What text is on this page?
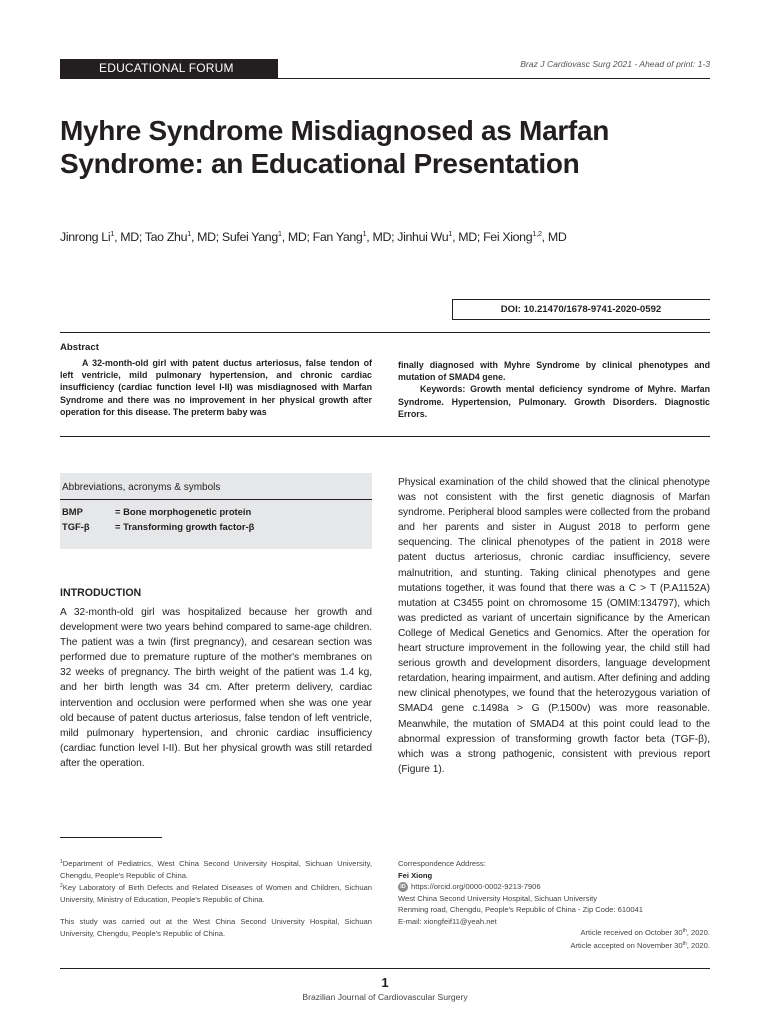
EDUCATIONAL FORUM	Braz J Cardiovasc Surg 2021 - Ahead of print: 1-3
Myhre Syndrome Misdiagnosed as Marfan
Syndrome: an Educational Presentation
Jinrong Li$^1$, MD; Tao Zhu$^1$, MD; Sufei Yang$^1$, MD; Fan Yang$^1$, MD; Jinhui Wu$^1$, MD; Fei Xiong$^{1,2}$, MD
DOI: 10.21470/1678-9741-2020-0592
Abstract
A 32-month-old girl with patent ductus arteriosus, false tendon of left ventricle, mild pulmonary hypertension, and chronic cardiac insufficiency (cardiac function level I-II) was misdiagnosed with Marfan Syndrome and there was no improvement in her physical growth after operation for this disease. The preterm baby was

finally diagnosed with Myhre Syndrome by clinical phenotypes and mutation of SMAD4 gene.

Keywords: Growth mental deficiency syndrome of Myhre. Marfan Syndrome. Hypertension, Pulmonary. Growth Disorders. Diagnostic Errors.

Abbreviations, acronyms & symbols
BMP	= Bone morphogenetic protein
TGF-β	= Transforming growth factor-β
INTRODUCTION
A 32-month-old girl was hospitalized because her growth and development were two years behind compared to same-age children. The patient was a twin (first pregnancy), and cesarean section was performed due to premature rupture of the mother's membranes on 32 weeks of pregnancy. The birth weight of the patient was 1.4 kg, and her birth length was 34 cm. After preterm delivery, cardiac intervention and occlusion were performed when she was one year old because of patent ductus arteriosus, false tendon of left ventricle, mild pulmonary hypertension, and chronic cardiac insufficiency (cardiac function level I-II). But her physical growth was still retarded after the operation.
Physical examination of the child showed that the clinical phenotype was not consistent with the first genetic diagnosis of Marfan syndrome. Peripheral blood samples were collected from the proband and her parents and sister in August 2018 to perform gene sequencing. The clinical phenotypes of the patient in 2018 were patent ductus arteriosus, chronic cardiac insufficiency, severe malnutrition, and stunting. Taking clinical phenotypes and gene mutations together, it was found that there was a C > T (P.A1152A) mutation at C3455 point on chromosome 15 (OMIM:134797), which was predicted as variant of uncertain significance by the American College of Medical Genetics and Genomics. After the operation for heart structure improvement in the following year, the child still had serious growth and development disorders, language development retardation, hearing impairment, and autism. After defining and adding new clinical phenotypes, we found that the heterozygous variation of SMAD4 gene c.1498a > G (P.1500v) was more reasonable. Meanwhile, the mutation of SMAD4 at this point could lead to the abnormal expression of transforming growth factor beta (TGF-β), which was a strong pathogenic, consistent with previous report (Figure 1).
$^1$Department of Pediatrics, West China Second University Hospital, Sichuan University, Chengdu, People's Republic of China.
$^2$Key Laboratory of Birth Defects and Related Diseases of Women and Children, Sichuan University, Ministry of Education, People's Republic of China.
This study was carried out at the West China Second University Hospital, Sichuan University, Chengdu, People's Republic of China.
Correspondence Address:
Fei Xiong
iD https://orcid.org/0000-0002-9213-7906
West China Second University Hospital, Sichuan University
Renming road, Chengdu, People's Republic of China - Zip Code: 610041
E-mail: xiongfeif11@yeah.net
Article received on October 30th, 2020.
Article accepted on November 30th, 2020.
1
Brazilian Journal of Cardiovascular Surgery
